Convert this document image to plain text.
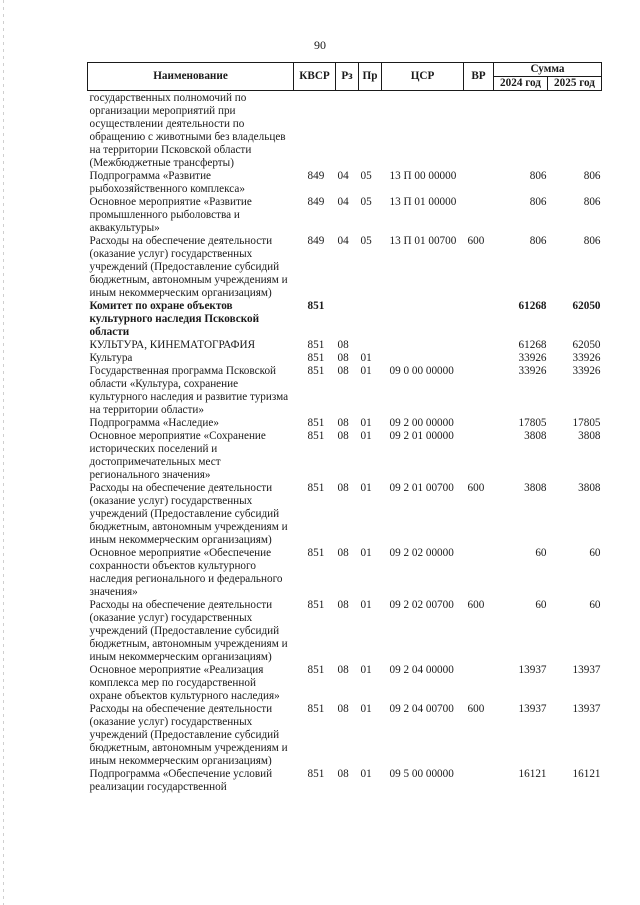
90
Наименование	КВСР	Рз	Пр	ЦСР	ВР	Сумма	
						2024 год	2025 год
государственных полномочий по организации мероприятий при осуществлении деятельности по обращению с животными без владельцев на территории Псковской области (Межбюджетные трансферты)							
Подпрограмма «Развитие рыбохозяйственного комплекса»	849	04	05	13 П 00 00000		806	806
Основное мероприятие «Развитие промышленного рыболовства и аквакультуры»	849	04	05	13 П 01 00000		806	806
Расходы на обеспечение деятельности (оказание услуг) государственных учреждений (Предоставление субсидий бюджетным, автономным учреждениям и иным некоммерческим организациям)	849	04	05	13 П 01 00700	600	806	806
Комитет по охране объектов культурного наследия Псковской области	851					61268	62050
КУЛЬТУРА, КИНЕМАТОГРАФИЯ	851	08				61268	62050
Культура	851	08	01			33926	33926
Государственная программа Псковской области «Культура, сохранение культурного наследия и развитие туризма на территории области»	851	08	01	09 0 00 00000		33926	33926
Подпрограмма «Наследие»	851	08	01	09 2 00 00000		17805	17805
Основное мероприятие «Сохранение исторических поселений и достопримечательных мест регионального значения»	851	08	01	09 2 01 00000		3808	3808
Расходы на обеспечение деятельности (оказание услуг) государственных учреждений (Предоставление субсидий бюджетным, автономным учреждениям и иным некоммерческим организациям)	851	08	01	09 2 01 00700	600	3808	3808
Основное мероприятие «Обеспечение сохранности объектов культурного наследия регионального и федерального значения»	851	08	01	09 2 02 00000		60	60
Расходы на обеспечение деятельности (оказание услуг) государственных учреждений (Предоставление субсидий бюджетным, автономным учреждениям и иным некоммерческим организациям)	851	08	01	09 2 02 00700	600	60	60
Основное мероприятие «Реализация комплекса мер по государственной охране объектов культурного наследия»	851	08	01	09 2 04 00000		13937	13937
Расходы на обеспечение деятельности (оказание услуг) государственных учреждений (Предоставление субсидий бюджетным, автономным учреждениям и иным некоммерческим организациям)	851	08	01	09 2 04 00700	600	13937	13937
Подпрограмма «Обеспечение условий реализации государственной	851	08	01	09 5 00 00000		16121	16121
